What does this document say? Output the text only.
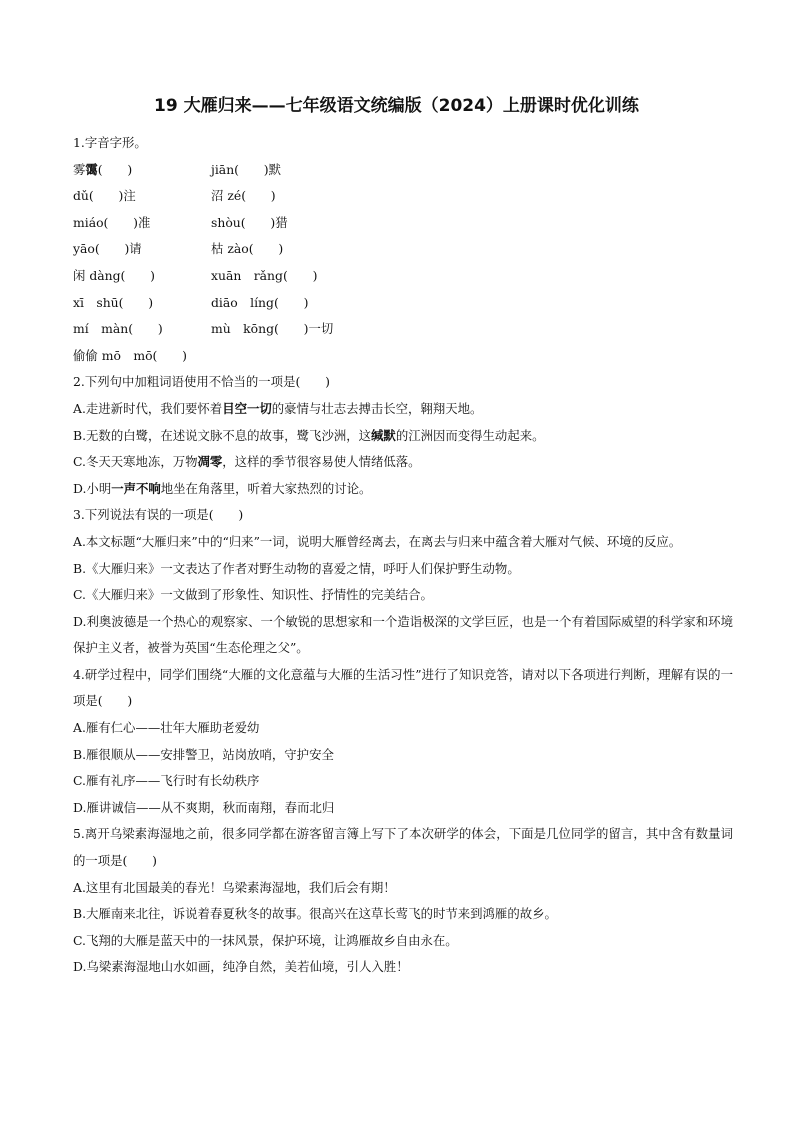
19 大雁归来——七年级语文统编版（2024）上册课时优化训练
1.字音字形。
雾霭(　　)	jiān(　　)默
dǔ(　　)注	沼 zé(　　)
miáo(　　)准	shòu(　　)猎
yāo(　　)请	枯 zào(　　)
闲 dàng(　　)	xuān　rǎng(　　)
xī　shū(　　)	diāo　líng(　　)
mí　màn(　　)	mù　kōng(　　)一切
偷偷 mō　mō(　　)
2.下列句中加粗词语使用不恰当的一项是(　　)
A.走进新时代，我们要怀着目空一切的豪情与壮志去搏击长空，翱翔天地。
B.无数的白鹭，在述说文脉不息的故事，鹭飞沙洲，这缄默的江洲因而变得生动起来。
C.冬天天寒地冻，万物凋零，这样的季节很容易使人情绪低落。
D.小明一声不响地坐在角落里，听着大家热烈的讨论。
3.下列说法有误的一项是(　　)
A.本文标题“大雁归来”中的“归来”一词，说明大雁曾经离去，在离去与归来中蕴含着大雁对气候、环境的反应。
B.《大雁归来》一文表达了作者对野生动物的喜爱之情，呼吁人们保护野生动物。
C.《大雁归来》一文做到了形象性、知识性、抒情性的完美结合。
D.利奥波德是一个热心的观察家、一个敏锐的思想家和一个造诣极深的文学巨匠，也是一个有着国际威望的科学家和环境保护主义者，被誉为英国“生态伦理之父”。
4.研学过程中，同学们围绕“大雁的文化意蕴与大雁的生活习性”进行了知识竞答，请对以下各项进行判断，理解有误的一项是(　　)
A.雁有仁心——壮年大雁助老爱幼
B.雁很顺从——安排警卫，站岗放哨，守护安全
C.雁有礼序——飞行时有长幼秩序
D.雁讲诚信——从不爽期，秋而南翔，春而北归
5.离开乌梁素海湿地之前，很多同学都在游客留言簿上写下了本次研学的体会，下面是几位同学的留言，其中含有数量词的一项是(　　)
A.这里有北国最美的春光！乌梁素海湿地，我们后会有期！
B.大雁南来北往，诉说着春夏秋冬的故事。很高兴在这草长莺飞的时节来到鸿雁的故乡。
C.飞翔的大雁是蓝天中的一抹风景，保护环境，让鸿雁故乡自由永在。
D.乌梁素海湿地山水如画，纯净自然，美若仙境，引人入胜！
